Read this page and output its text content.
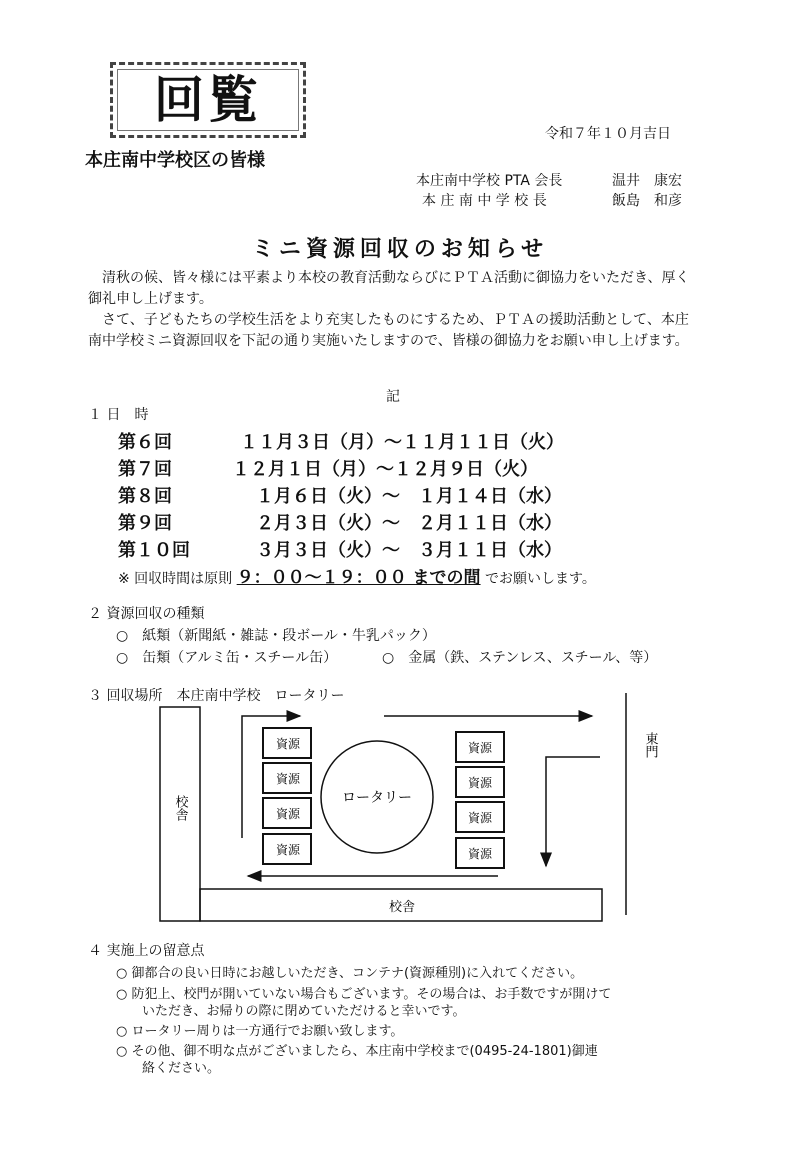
回覧
令和７年１０月吉日
本庄南中学校区の皆様
本庄南中学校 PTA 会長	温井　康宏
本 庄 南 中 学 校 長	飯島　和彦
ミニ資源回収のお知らせ
清秋の候、皆々様には平素より本校の教育活動ならびにＰＴＡ活動に御協力をいただき、厚く御礼申し上げます。
さて、子どもたちの学校生活をより充実したものにするため、ＰＴＡの援助活動として、本庄南中学校ミニ資源回収を下記の通り実施いたしますので、皆様の御協力をお願い申し上げます。
記
１ 日　時
第６回	１１月３日（月）～１１月１１日（火）
第７回	１２月１日（月）～１２月９日（火）
第８回	１月６日（火）～　１月１４日（水）
第９回	２月３日（火）～　２月１１日（水）
第１０回	３月３日（火）～　３月１１日（水）
※ 回収時間は原則 ９：００～１９：００ までの間 でお願いします。
２ 資源回収の種類
○　紙類（新聞紙・雑誌・段ボール・牛乳パック）
○　缶類（アルミ缶・スチール缶）	○　金属（鉄、ステンレス、スチール、等）
３ 回収場所　本庄南中学校　ロータリー
資源
資源
資源
資源
資源
資源
資源
資源
ロータリー
校舎
校舎
東門
４ 実施上の留意点
○ 御都合の良い日時にお越しいただき、コンテナ(資源種別)に入れてください。
○ 防犯上、校門が開いていない場合もございます。その場合は、お手数ですが開けて
いただき、お帰りの際に閉めていただけると幸いです。
○ ロータリー周りは一方通行でお願い致します。
○ その他、御不明な点がございましたら、本庄南中学校まで(0495-24-1801)御連
絡ください。
